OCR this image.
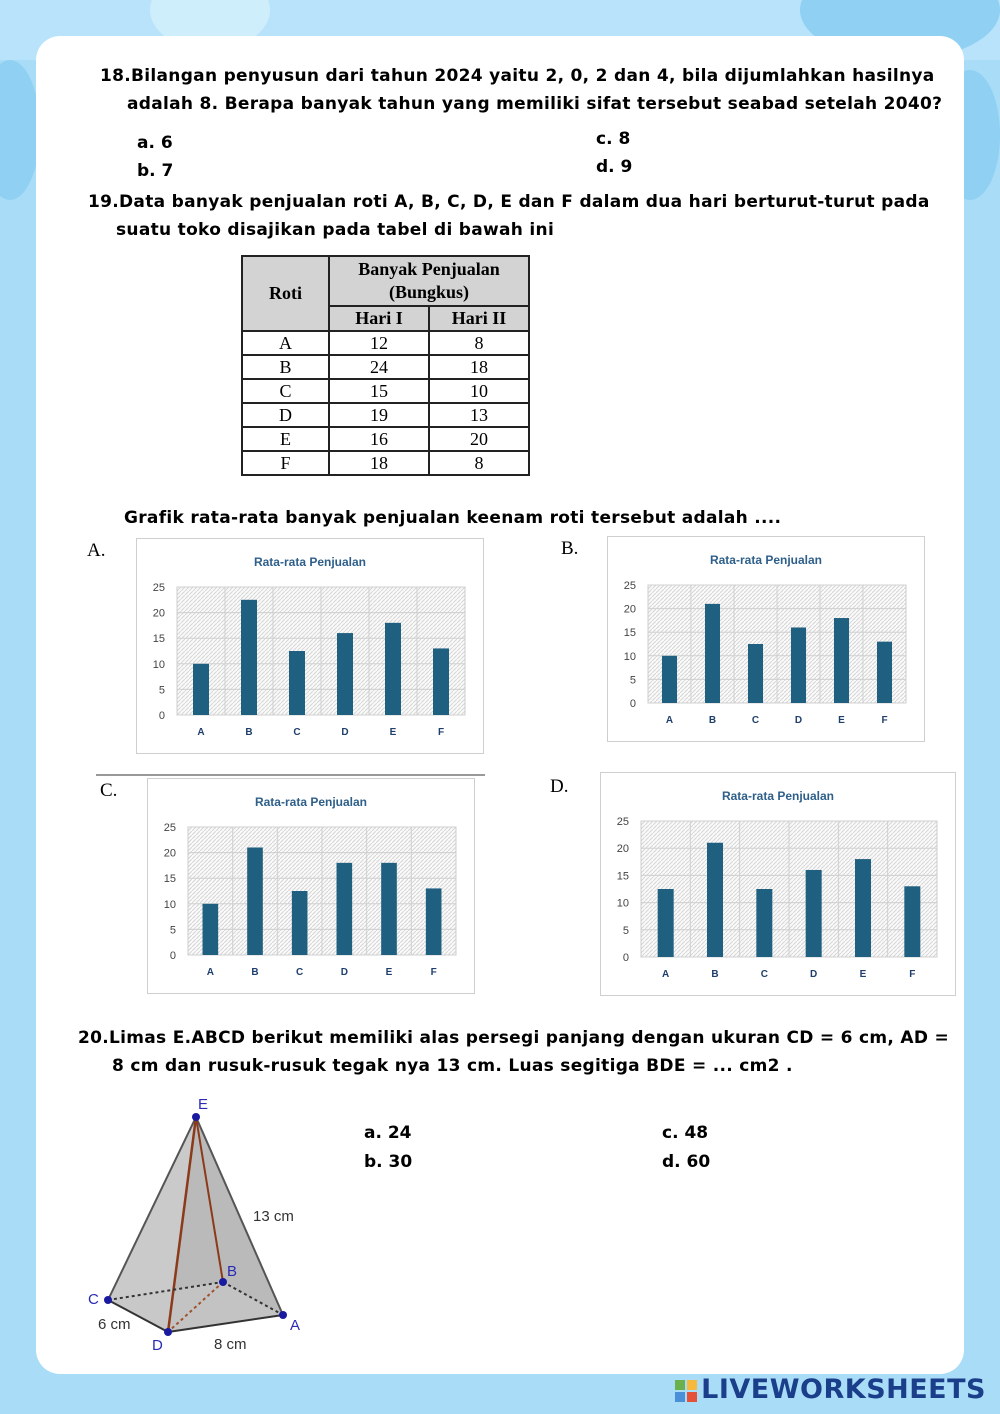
18.Bilangan penyusun dari tahun 2024 yaitu 2, 0, 2 dan 4, bila dijumlahkan hasilnya
adalah 8. Berapa banyak tahun yang memiliki sifat tersebut seabad setelah 2040?
a. 6
b. 7
c. 8
d. 9
19.Data banyak penjualan roti A, B, C, D, E dan F dalam dua hari berturut-turut pada
suatu toko disajikan pada tabel di bawah ini
Roti	Banyak Penjualan
(Bungkus)	
	Hari I	Hari II
A	12	8
B	24	18
C	15	10
D	19	13
E	16	20
F	18	8
Grafik rata-rata banyak penjualan keenam roti tersebut adalah ....
A.
Rata-rata Penjualan
0
5
10
15
20
25
A	B	C	D	E	F
B.
Rata-rata Penjualan
0
5
10
15
20
25
A	B	C	D	E	F
C.
Rata-rata Penjualan
0
5
10
15
20
25
A	B	C	D	E	F
D.	Rata-rata Penjualan
0
5
10
15
20
25
A	B	C	D	E	F
20.Limas E.ABCD berikut memiliki alas persegi panjang dengan ukuran CD = 6 cm, AD =
8 cm dan rusuk-rusuk tegak nya 13 cm. Luas segitiga BDE = ... cm2 .
E
C
D
A
B
13 cm
6 cm
8 cm
a. 24
b. 30
c. 48
d. 60
LIVEWORKSHEETS
